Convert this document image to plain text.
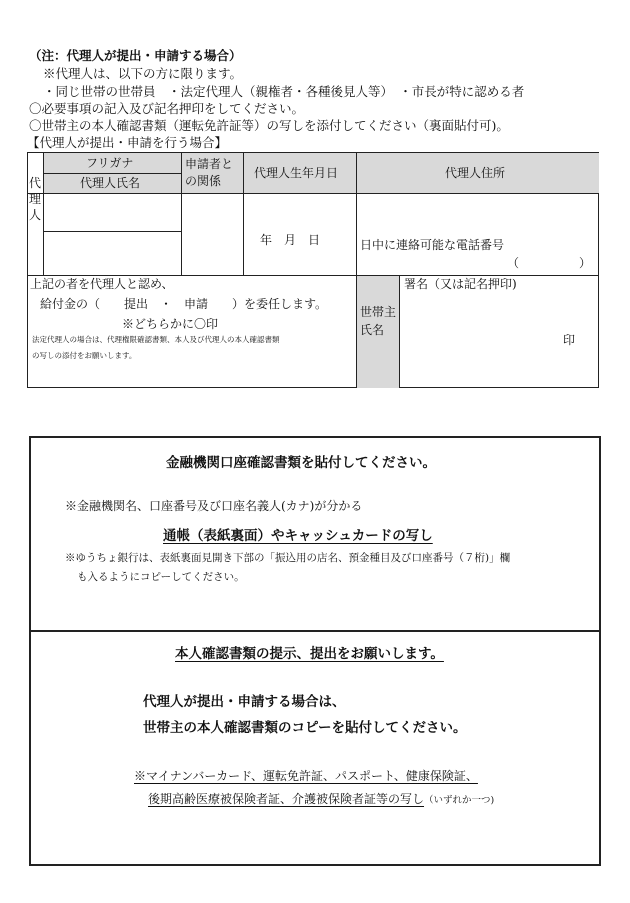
（注：代理人が提出・申請する場合）
※代理人は、以下の方に限ります。
・同じ世帯の世帯員　・法定代理人（親権者・各種後見人等）　・市長が特に認める者
〇必要事項の記入及び記名押印をしてください。
〇世帯主の本人確認書類（運転免許証等）の写しを添付してください（裏面貼付可)。
【代理人が提出・申請を行う場合】
フリガナ
代理人氏名
申請者との関係
代理人生年月日	代理人住所
代理人
年　月　日	日中に連絡可能な電話番号
（　　　　　）
上記の者を代理人と認め、
給付金の（　　提出　・　申請　　）を委任します。
※どちらかに〇印
法定代理人の場合は、代理権限確認書類、本人及び代理人の本人確認書類
の写しの添付をお願いします。
世帯主氏名
署名（又は記名押印)
印
金融機関口座確認書類を貼付してください。
※金融機関名、口座番号及び口座名義人(カナ)が分かる
通帳（表紙裏面）やキャッシュカードの写し
※ゆうちょ銀行は、表紙裏面見開き下部の「振込用の店名、預金種目及び口座番号（７桁)」欄
も入るようにコピーしてください。
本人確認書類の提示、提出をお願いします。
代理人が提出・申請する場合は、
世帯主の本人確認書類のコピーを貼付してください。
※マイナンバーカード、運転免許証、パスポート、健康保険証、
後期高齢医療被保険者証、介護被保険者証等の写し（いずれか一つ)
